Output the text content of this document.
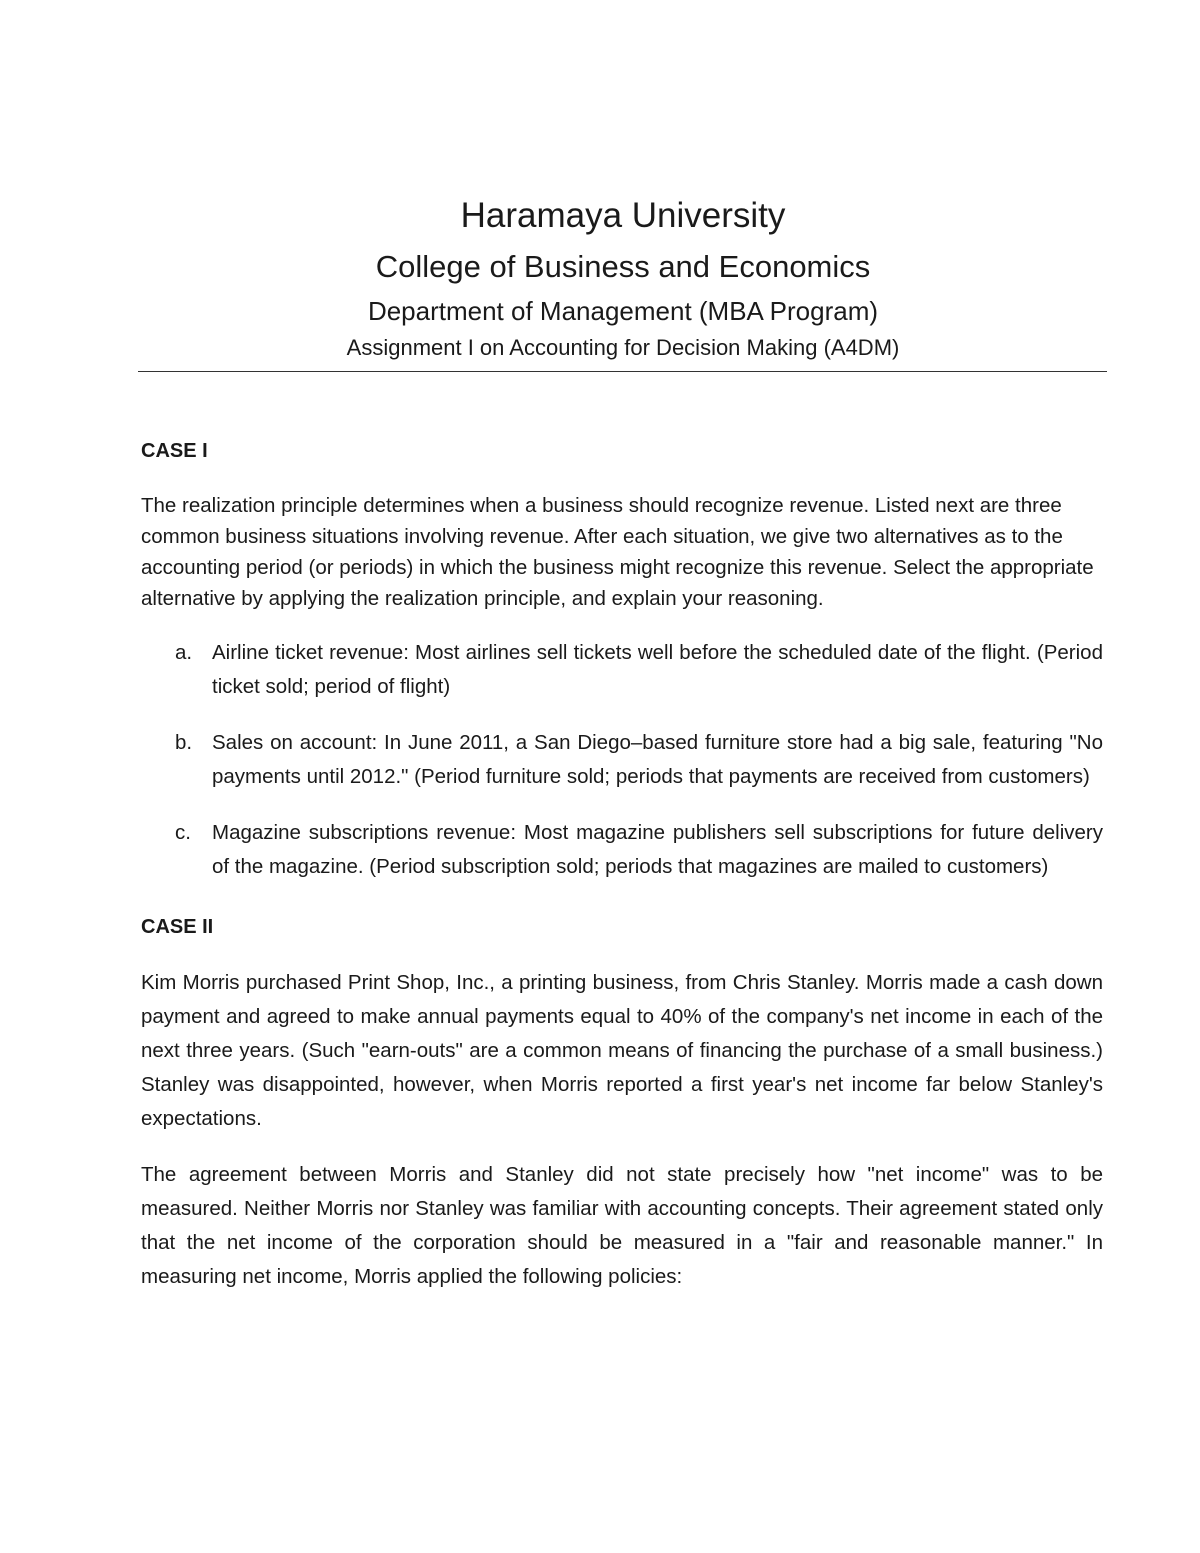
Haramaya University
College of Business and Economics
Department of Management (MBA Program)
Assignment I on Accounting for Decision Making (A4DM)

CASE I

The realization principle determines when a business should recognize revenue. Listed next are three common business situations involving revenue. After each situation, we give two alternatives as to the accounting period (or periods) in which the business might recognize this revenue. Select the appropriate alternative by applying the realization principle, and explain your reasoning.

a. Airline ticket revenue: Most airlines sell tickets well before the scheduled date of the flight. (Period ticket sold; period of flight)
b. Sales on account: In June 2011, a San Diego–based furniture store had a big sale, featuring "No payments until 2012." (Period furniture sold; periods that payments are received from customers)
c. Magazine subscriptions revenue: Most magazine publishers sell subscriptions for future delivery of the magazine. (Period subscription sold; periods that magazines are mailed to customers)

CASE II

Kim Morris purchased Print Shop, Inc., a printing business, from Chris Stanley. Morris made a cash down payment and agreed to make annual payments equal to 40% of the company's net income in each of the next three years. (Such "earn-outs" are a common means of financing the purchase of a small business.) Stanley was disappointed, however, when Morris reported a first year's net income far below Stanley's expectations.

The agreement between Morris and Stanley did not state precisely how "net income" was to be measured. Neither Morris nor Stanley was familiar with accounting concepts. Their agreement stated only that the net income of the corporation should be measured in a "fair and reasonable manner." In measuring net income, Morris applied the following policies:
